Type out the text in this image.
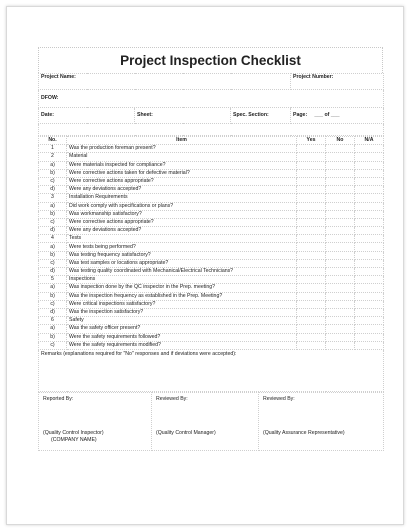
Project Inspection Checklist
Project Name:			Project Number:
DFOW:			
Date:	Sheet:	Spec. Section:	Page: ___ of ___

No.	Item	Yes	No	N/A
1	Was the production foreman present?			
2	Material			
a)	Were materials inspected for compliance?			
b)	Were corrective actions taken for defective material?			
c)	Were corrective actions appropriate?			
d)	Were any deviations accepted?			
3	Installation Requirements			
a)	Did work comply with specifications or plans?			
b)	Was workmanship satisfactory?			
c)	Were corrective actions appropriate?			
d)	Were any deviations accepted?			
4	Tests			
a)	Were tests being performed?			
b)	Was testing frequency satisfactory?			
c)	Was test samples or locations appropriate?			
d)	Was testing quality coordinated with Mechanical/Electrical Technicians?			
5	Inspections			
a)	Was inspection done by the QC inspector in the Prep. meeting?			
b)	Was the inspection frequency as established in the Prep. Meeting?			
c)	Were critical inspections satisfactory?			
d)	Was the inspection satisfactory?			
6	Safety			
a)	Was the safety officer present?			
b)	Were the safety requirements followed?			
c)	Were the safety requirements modified?			
Remarks (explanations required for "No" responses and if deviations were accepted):				
Reported By:
(Quality Control Inspector)
(COMPANY NAME)

Reviewed By:
(Quality Control Manager)

Reviewed By:
(Quality Assurance Representative)
